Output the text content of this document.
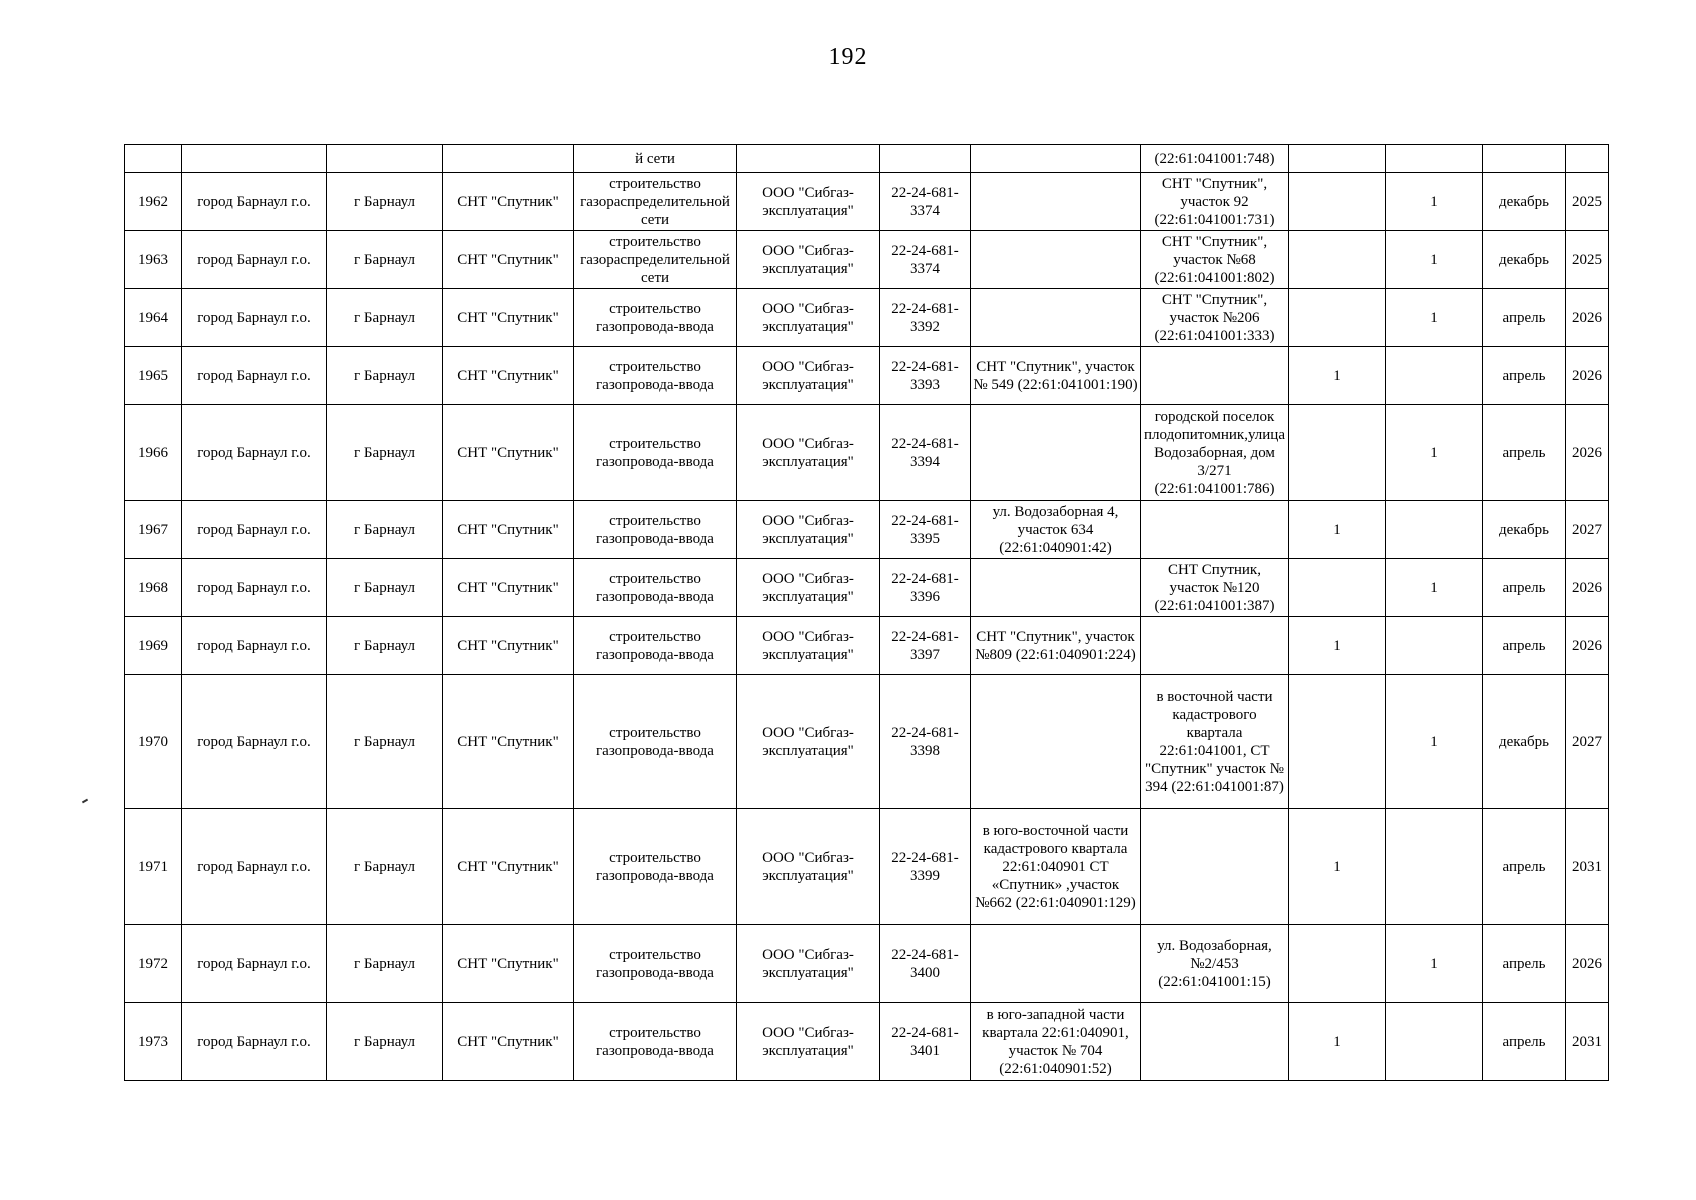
192
				й сети				(22:61:041001:748)				
1962	город Барнаул г.о.	г Барнаул	СНТ "Спутник"	строительство газораспределительной сети	ООО "Сибгаз-эксплуатация"	22-24-681-3374		СНТ "Спутник", участок 92 (22:61:041001:731)		1	декабрь	2025
1963	город Барнаул г.о.	г Барнаул	СНТ "Спутник"	строительство газораспределительной сети	ООО "Сибгаз-эксплуатация"	22-24-681-3374		СНТ "Спутник", участок №68 (22:61:041001:802)		1	декабрь	2025
1964	город Барнаул г.о.	г Барнаул	СНТ "Спутник"	строительство газопровода-ввода	ООО "Сибгаз-эксплуатация"	22-24-681-3392		СНТ "Спутник", участок №206 (22:61:041001:333)		1	апрель	2026
1965	город Барнаул г.о.	г Барнаул	СНТ "Спутник"	строительство газопровода-ввода	ООО "Сибгаз-эксплуатация"	22-24-681-3393	СНТ "Спутник", участок № 549 (22:61:041001:190)		1		апрель	2026
1966	город Барнаул г.о.	г Барнаул	СНТ "Спутник"	строительство газопровода-ввода	ООО "Сибгаз-эксплуатация"	22-24-681-3394		городской поселок плодопитомник,улица Водозаборная, дом 3/271 (22:61:041001:786)		1	апрель	2026
1967	город Барнаул г.о.	г Барнаул	СНТ "Спутник"	строительство газопровода-ввода	ООО "Сибгаз-эксплуатация"	22-24-681-3395	ул. Водозаборная 4, участок 634 (22:61:040901:42)		1		декабрь	2027
1968	город Барнаул г.о.	г Барнаул	СНТ "Спутник"	строительство газопровода-ввода	ООО "Сибгаз-эксплуатация"	22-24-681-3396		СНТ Спутник, участок №120 (22:61:041001:387)		1	апрель	2026
1969	город Барнаул г.о.	г Барнаул	СНТ "Спутник"	строительство газопровода-ввода	ООО "Сибгаз-эксплуатация"	22-24-681-3397	СНТ "Спутник", участок №809 (22:61:040901:224)		1		апрель	2026
1970	город Барнаул г.о.	г Барнаул	СНТ "Спутник"	строительство газопровода-ввода	ООО "Сибгаз-эксплуатация"	22-24-681-3398		в восточной части кадастрового квартала 22:61:041001, СТ "Спутник" участок № 394 (22:61:041001:87)		1	декабрь	2027
1971	город Барнаул г.о.	г Барнаул	СНТ "Спутник"	строительство газопровода-ввода	ООО "Сибгаз-эксплуатация"	22-24-681-3399	в юго-восточной части кадастрового квартала 22:61:040901 СТ «Спутник» ,участок №662 (22:61:040901:129)		1		апрель	2031
1972	город Барнаул г.о.	г Барнаул	СНТ "Спутник"	строительство газопровода-ввода	ООО "Сибгаз-эксплуатация"	22-24-681-3400		ул. Водозаборная,№2/453 (22:61:041001:15)		1	апрель	2026
1973	город Барнаул г.о.	г Барнаул	СНТ "Спутник"	строительство газопровода-ввода	ООО "Сибгаз-эксплуатация"	22-24-681-3401	в юго-западной части квартала 22:61:040901, участок № 704 (22:61:040901:52)		1		апрель	2031
